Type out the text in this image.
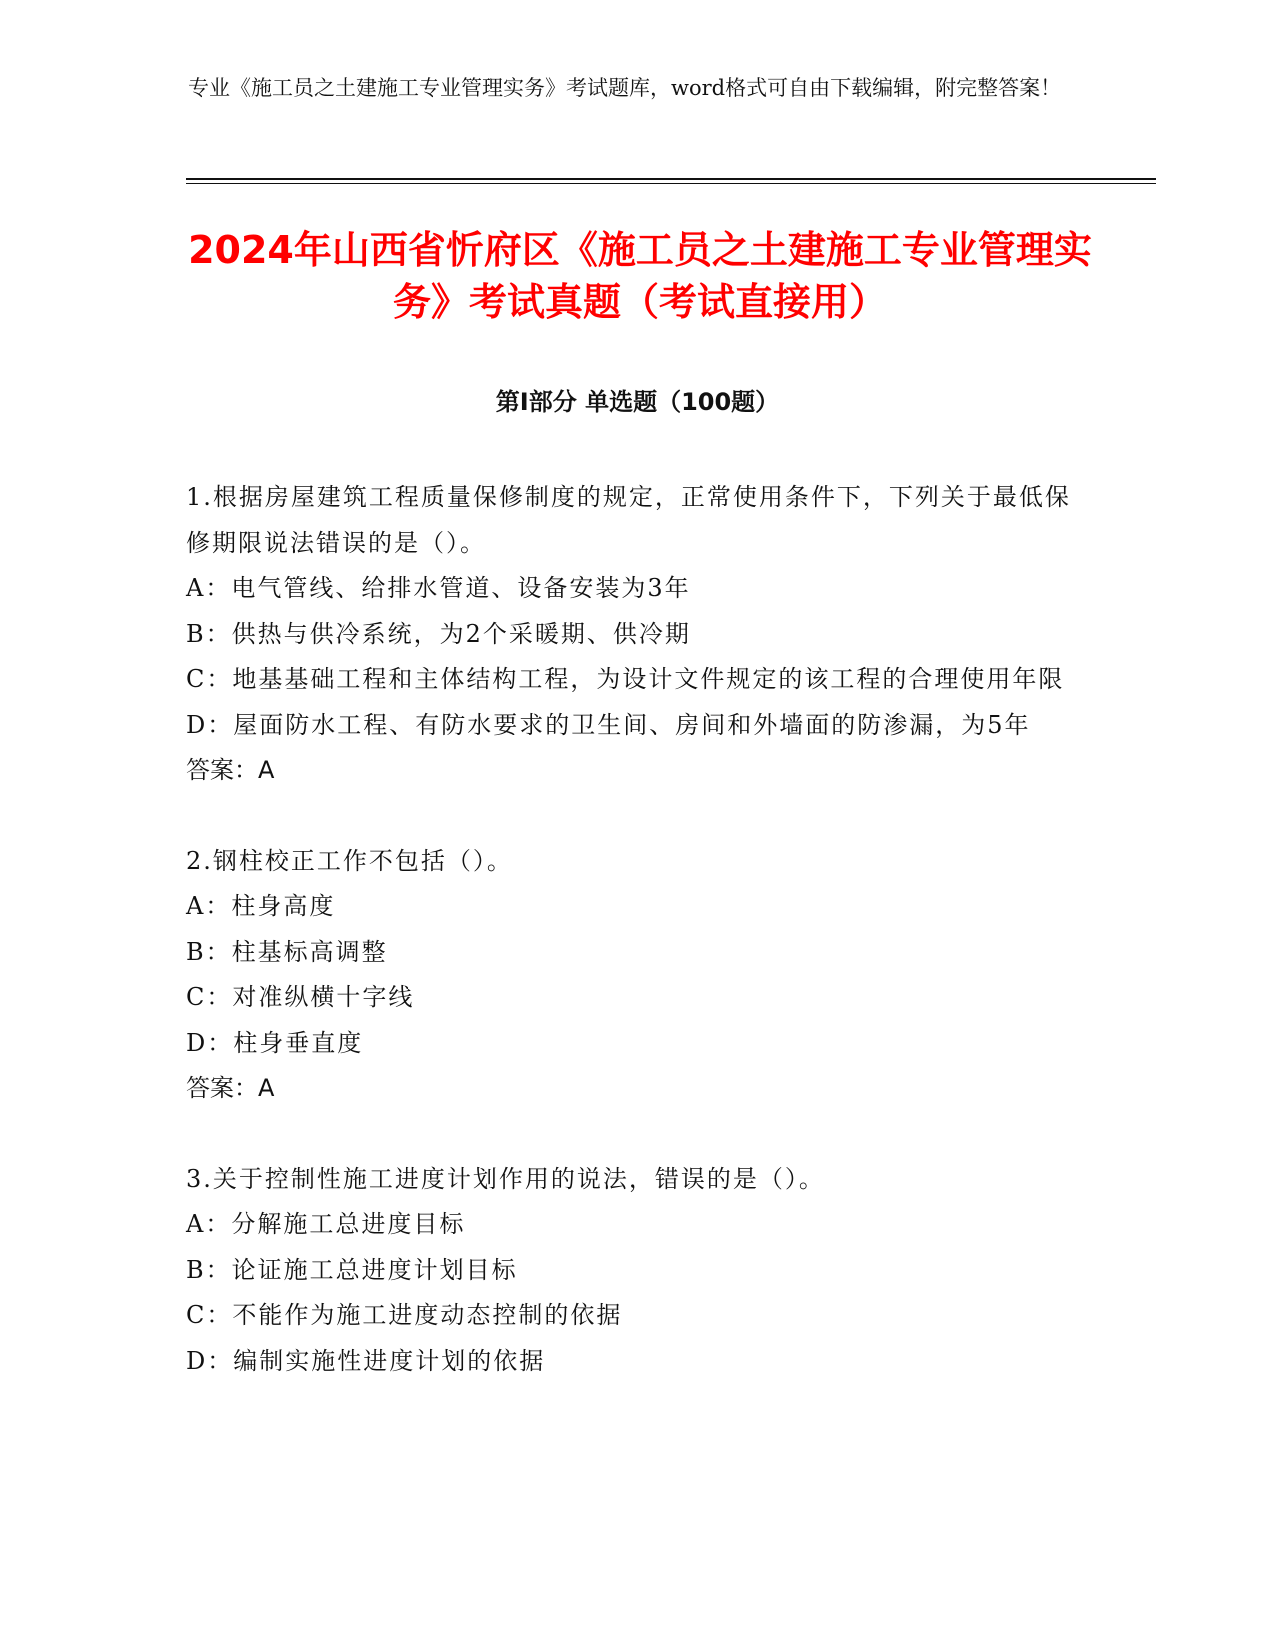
专业《施工员之土建施工专业管理实务》考试题库，word格式可自由下载编辑，附完整答案！
2024年山西省忻府区《施工员之土建施工专业管理实务》考试真题（考试直接用）
第I部分 单选题（100题）

1.根据房屋建筑工程质量保修制度的规定，正常使用条件下，下列关于最低保修期限说法错误的是（）。

A：电气管线、给排水管道、设备安装为3年

B：供热与供冷系统，为2个采暖期、供冷期

C：地基基础工程和主体结构工程，为设计文件规定的该工程的合理使用年限

D：屋面防水工程、有防水要求的卫生间、房间和外墙面的防渗漏，为5年

答案：A

2.钢柱校正工作不包括（）。

A：柱身高度

B：柱基标高调整

C：对准纵横十字线

D：柱身垂直度

答案：A

3.关于控制性施工进度计划作用的说法，错误的是（）。

A：分解施工总进度目标

B：论证施工总进度计划目标

C：不能作为施工进度动态控制的依据

D：编制实施性进度计划的依据
